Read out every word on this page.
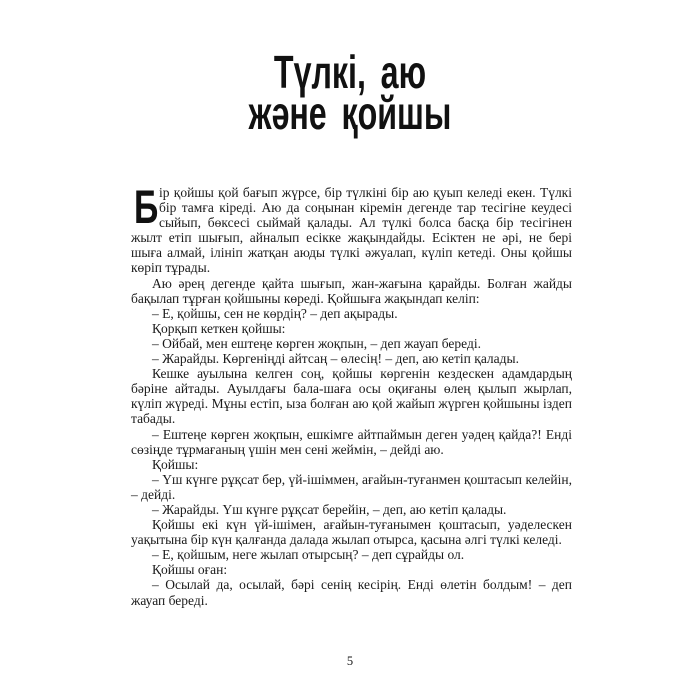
Түлкі, аю
және қойшы
Б ір қойшы қой бағып жүрсе, бір түлкіні бір аю қуып келеді екен. Түлкі бір тамға кіреді. Аю да соңынан кіремін дегенде тар тесігіне кеудесі сыйып, бөксесі сыймай қалады. Ал түлкі болса басқа бір тесігінен жылт етіп шығып, айналып есікке жақындайды. Есіктен не әрі, не бері шыға алмай, ілініп жатқан аюды түлкі әжуалап, күліп кетеді. Оны қойшы көріп тұрады.

Аю әрең дегенде қайта шығып, жан-жағына қарайды. Болған жайды бақылап тұрған қойшыны көреді. Қойшыға жақындап келіп:

– Е, қойшы, сен не көрдің? – деп ақырады.

Қорқып кеткен қойшы:

– Ойбай, мен ештеңе көрген жоқпын, – деп жауап береді.

– Жарайды. Көргеніңді айтсаң – өлесің! – деп, аю кетіп қалады.

Кешке ауылына келген соң, қойшы көргенін кездескен адамдардың бәріне айтады. Ауылдағы бала-шаға осы оқиғаны өлең қылып жырлап, күліп жүреді. Мұны естіп, ыза болған аю қой жайып жүрген қойшыны іздеп табады.

– Ештеңе көрген жоқпын, ешкімге айтпаймын деген уәдең қайда?! Енді сөзіңде тұрмағаның үшін мен сені жеймін, – дейді аю.

Қойшы:

– Үш күнге рұқсат бер, үй-ішіммен, ағайын-туғанмен қоштасып келейін, – дейді.

– Жарайды. Үш күнге рұқсат берейін, – деп, аю кетіп қалады.

Қойшы екі күн үй-ішімен, ағайын-туғанымен қоштасып, уәделескен уақытына бір күн қалғанда далада жылап отырса, қасына әлгі түлкі келеді.

– Е, қойшым, неге жылап отырсың? – деп сұрайды ол.

Қойшы оған:

– Осылай да, осылай, бәрі сенің кесірің. Енді өлетін болдым! – деп жауап береді.

5
